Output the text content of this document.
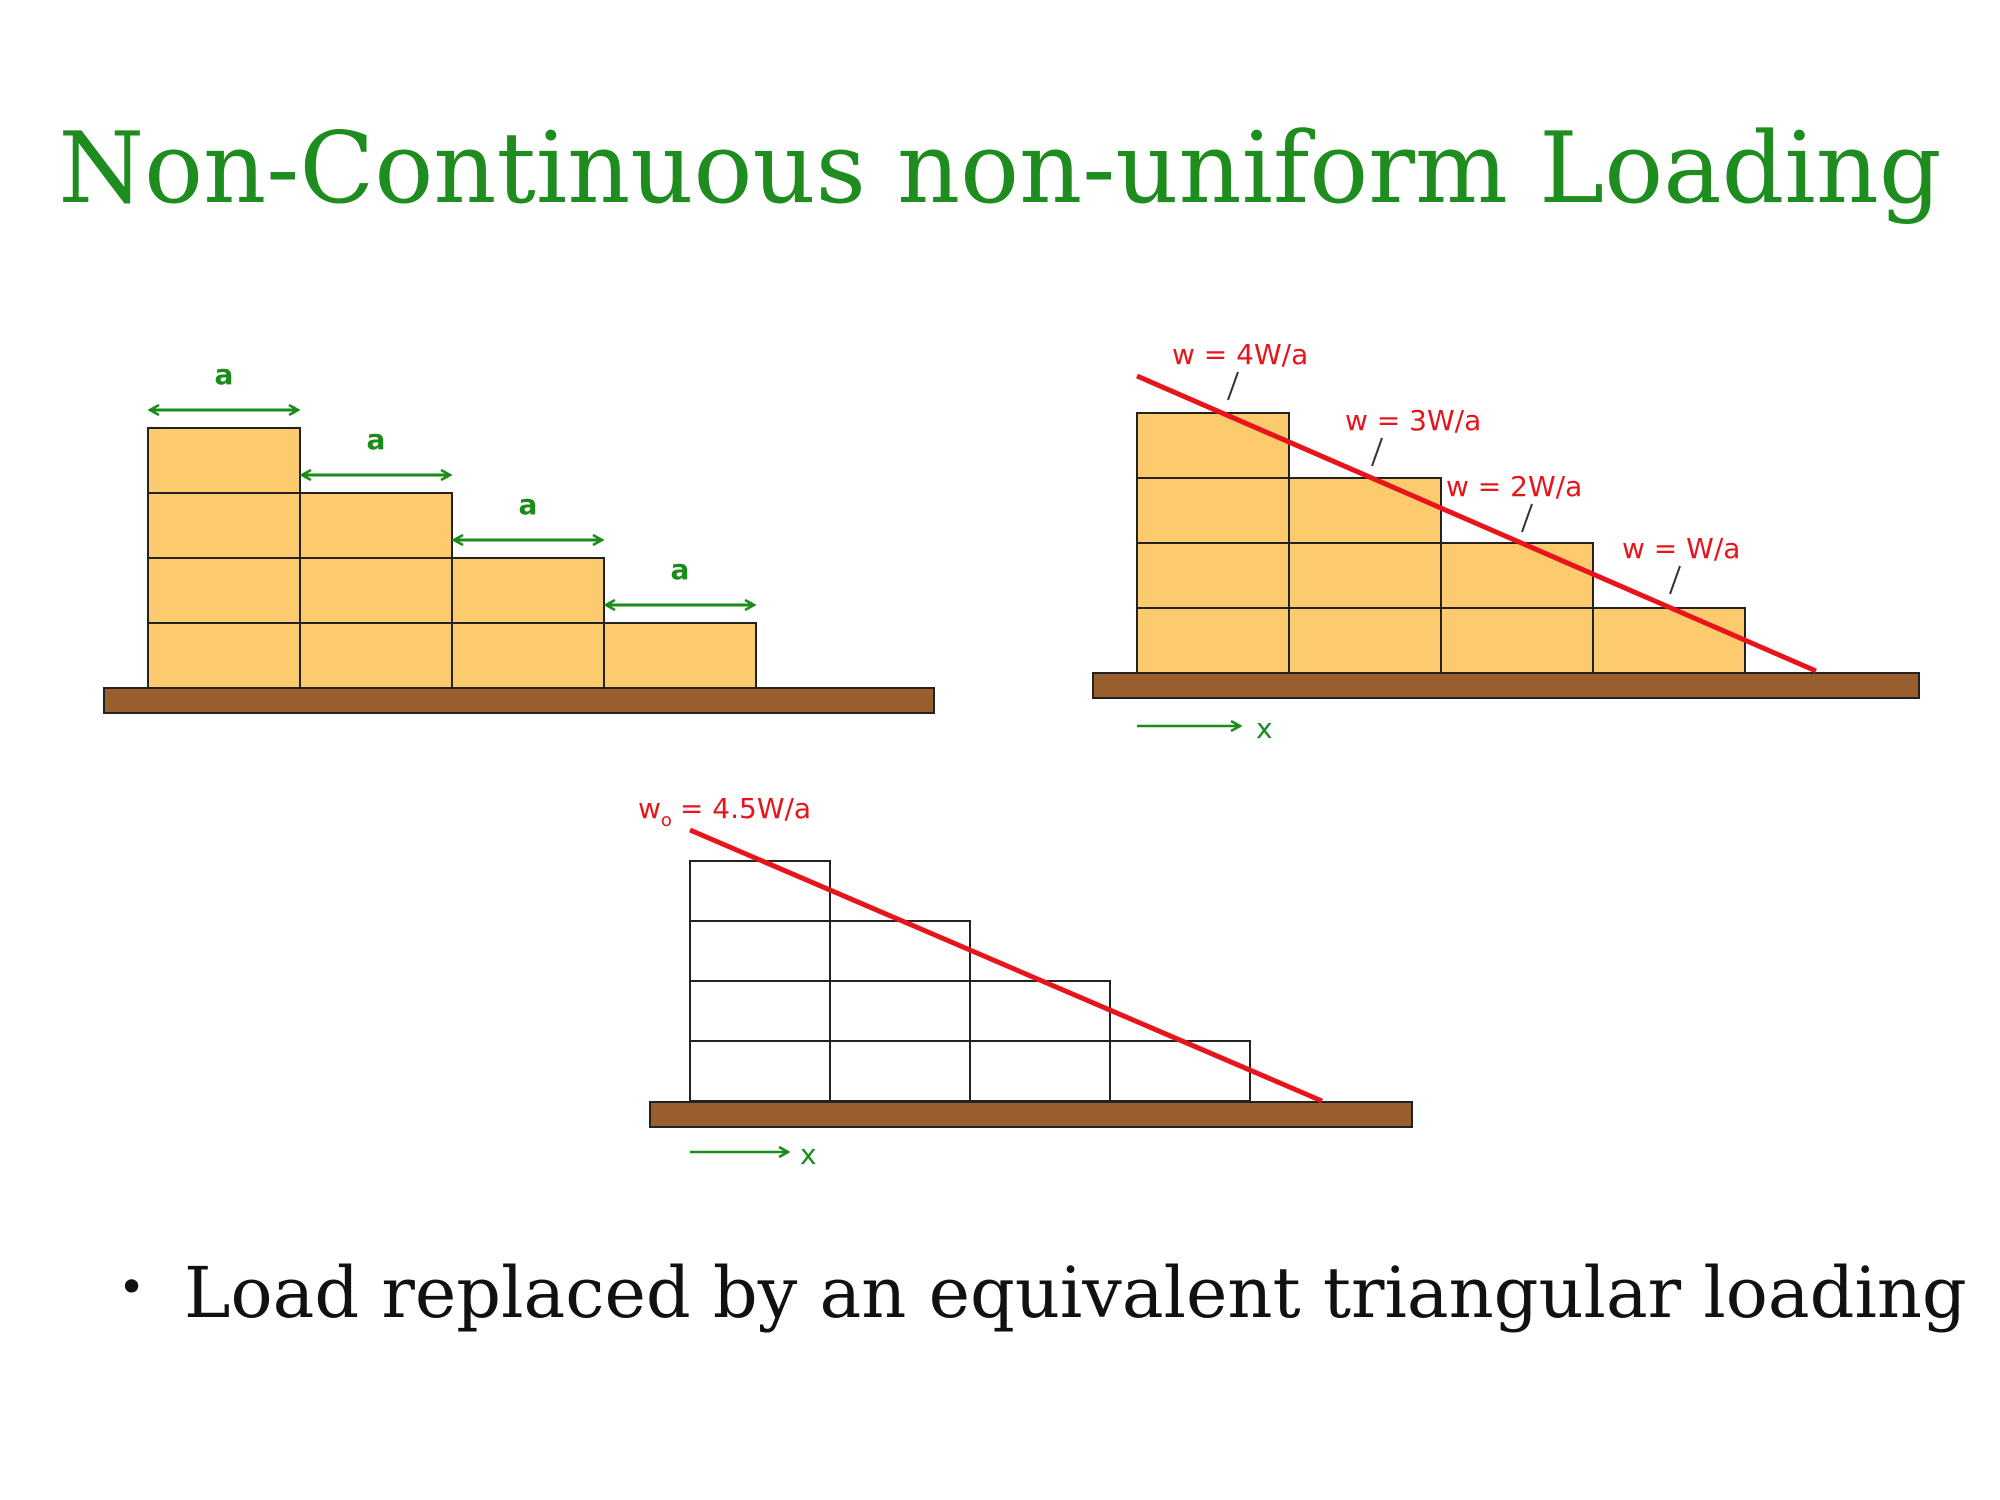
Non-Continuous non-uniform Loading
a
a
a
a
w = 4W/a
w = 3W/a
w = 2W/a
w = W/a
x
$w_o = 4.5W/a$
x
• Load replaced by an equivalent triangular loading
